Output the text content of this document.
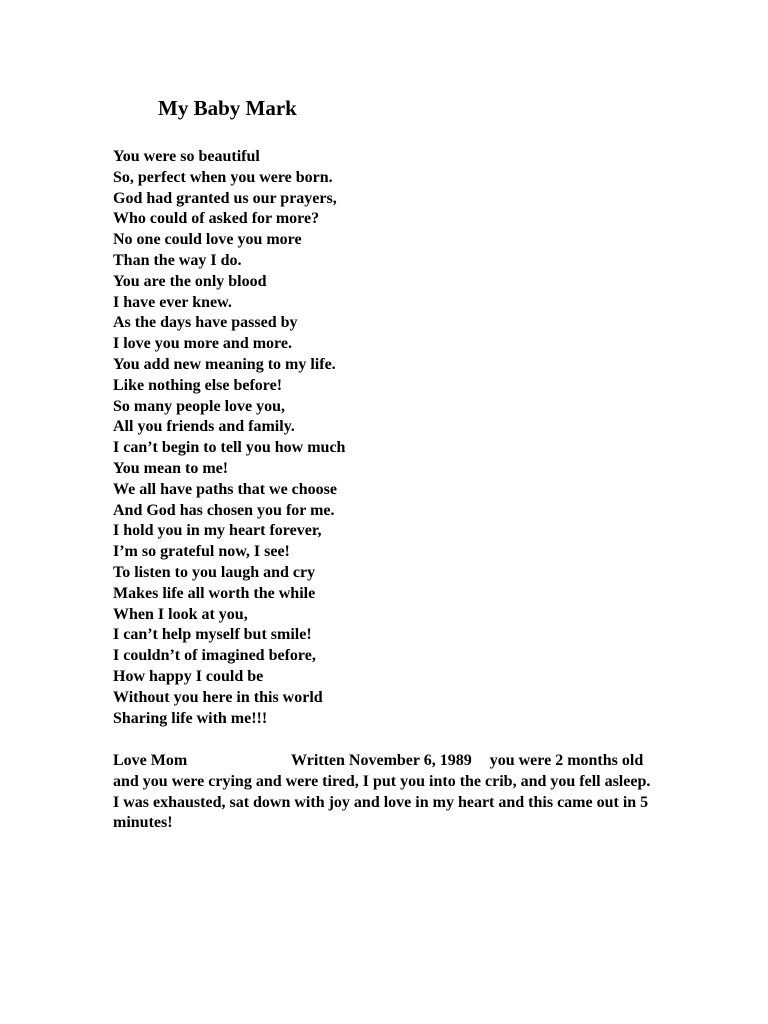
My Baby Mark
You were so beautiful
So, perfect when you were born.
God had granted us our prayers,
Who could of asked for more?
No one could love you more
Than the way I do.
You are the only blood
I have ever knew.
As the days have passed by
I love you more and more.
You add new meaning to my life.
Like nothing else before!
So many people love you,
All you friends and family.
I can’t begin to tell you how much
You mean to me!
We all have paths that we choose
And God has chosen you for me.
I hold you in my heart forever,
I’m so grateful now, I see!
To listen to you laugh and cry
Makes life all worth the while
When I look at you,
I can’t help myself but smile!
I couldn’t of imagined before,
How happy I could be
Without you here in this world
Sharing life with me!!!
Love Mom	Written November 6, 1989 you were 2 months old and you were crying and were tired, I put you into the crib, and you fell asleep. I was exhausted, sat down with joy and love in my heart and this came out in 5 minutes!
